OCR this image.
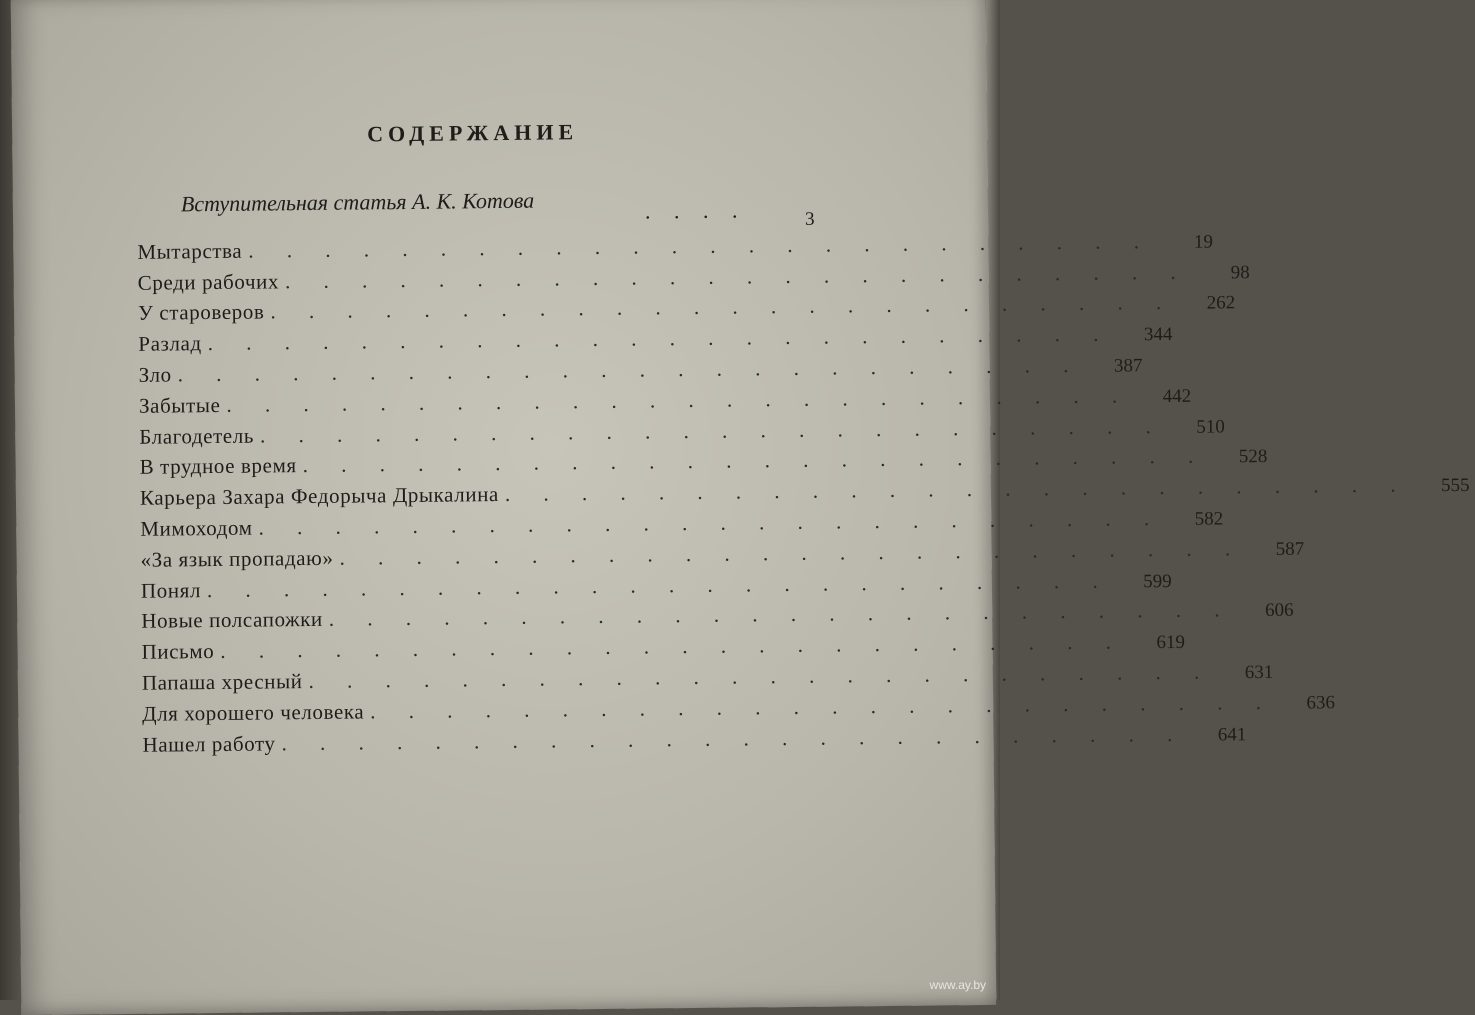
СОДЕРЖАНИЕ
Вступительная статья А. К. Котова	. . . .	3
Мытарства . . . . . . . . . . . . . . . . . . . . . . . .	19
Среди рабочих . . . . . . . . . . . . . . . . . . . . . . . .	98
У староверов . . . . . . . . . . . . . . . . . . . . . . . .	262
Разлад . . . . . . . . . . . . . . . . . . . . . . . .	344
Зло . . . . . . . . . . . . . . . . . . . . . . . .	387
Забытые . . . . . . . . . . . . . . . . . . . . . . . .	442
Благодетель . . . . . . . . . . . . . . . . . . . . . . . .	510
В трудное время . . . . . . . . . . . . . . . . . . . . . . . .	528
Карьера Захара Федорыча Дрыкалина . . . . . . . . . . . . . . . . . . . . . . . .	555
Мимоходом . . . . . . . . . . . . . . . . . . . . . . . .	582
«За язык пропадаю» . . . . . . . . . . . . . . . . . . . . . . . .	587
Понял . . . . . . . . . . . . . . . . . . . . . . . .	599
Новые полсапожки . . . . . . . . . . . . . . . . . . . . . . . .	606
Письмо . . . . . . . . . . . . . . . . . . . . . . . .	619
Папаша хресный . . . . . . . . . . . . . . . . . . . . . . . .	631
Для хорошего человека . . . . . . . . . . . . . . . . . . . . . . . .	636
Нашел работу . . . . . . . . . . . . . . . . . . . . . . . .	641
www.ay.by
